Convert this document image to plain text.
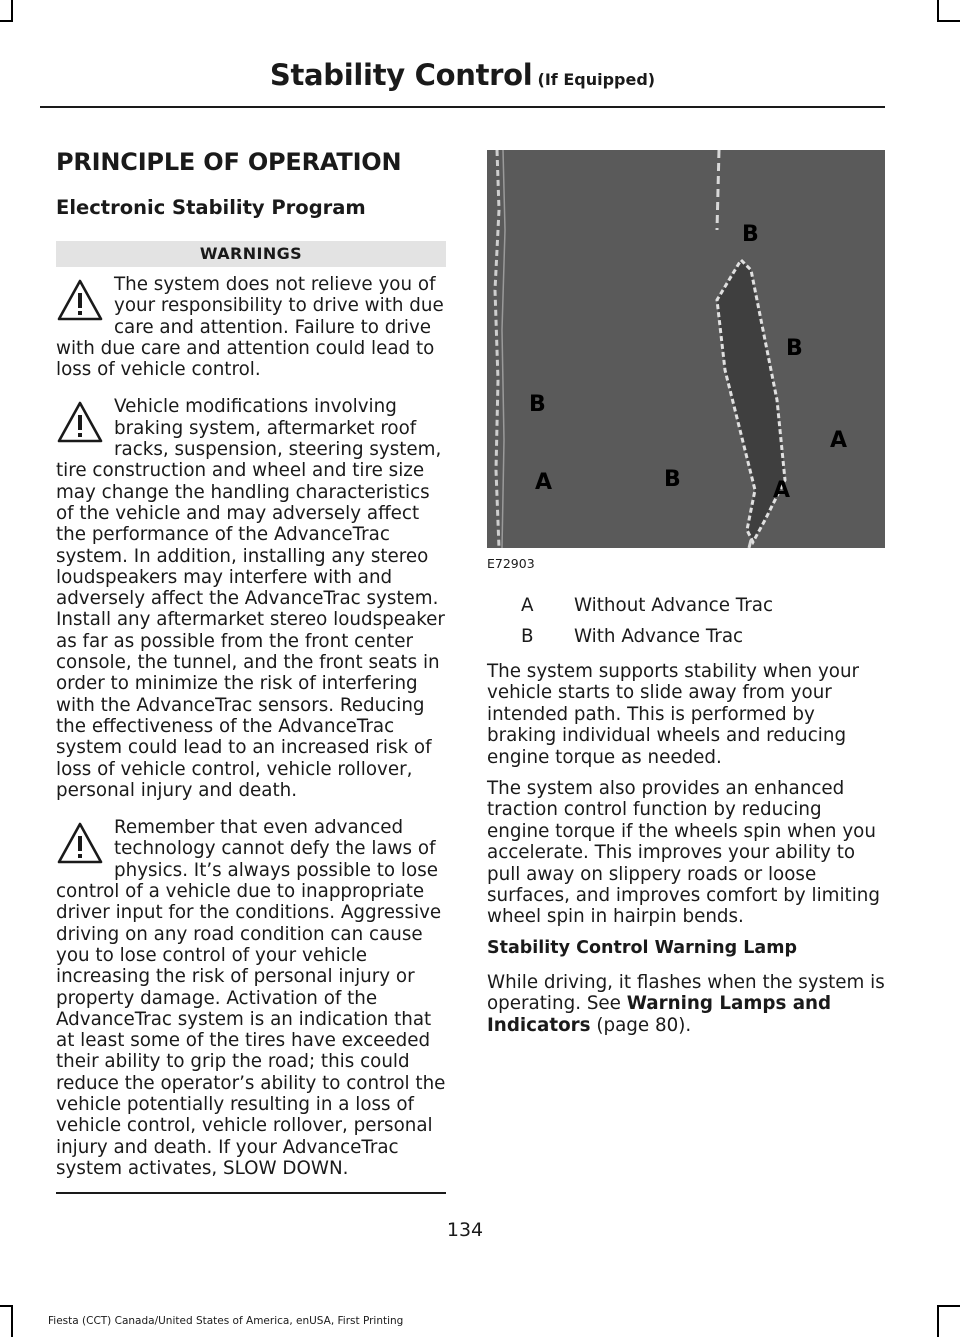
Stability Control (If Equipped)
PRINCIPLE OF OPERATION
Electronic Stability Program
WARNINGS
The system does not relieve you of your responsibility to drive with due care and attention. Failure to drive with due care and attention could lead to loss of vehicle control.
Vehicle modifications involving braking system, aftermarket roof racks, suspension, steering system, tire construction and wheel and tire size may change the handling characteristics of the vehicle and may adversely affect the performance of the AdvanceTrac system. In addition, installing any stereo loudspeakers may interfere with and adversely affect the AdvanceTrac system. Install any aftermarket stereo loudspeaker as far as possible from the front center console, the tunnel, and the front seats in order to minimize the risk of interfering with the AdvanceTrac sensors. Reducing the effectiveness of the AdvanceTrac system could lead to an increased risk of loss of vehicle control, vehicle rollover, personal injury and death.
Remember that even advanced technology cannot defy the laws of physics. It’s always possible to lose control of a vehicle due to inappropriate driver input for the conditions. Aggressive driving on any road condition can cause you to lose control of your vehicle increasing the risk of personal injury or property damage. Activation of the AdvanceTrac system is an indication that at least some of the tires have exceeded their ability to grip the road; this could reduce the operator’s ability to control the vehicle potentially resulting in a loss of vehicle control, vehicle rollover, personal injury and death. If your AdvanceTrac system activates, SLOW DOWN.
B
B
B
A
B
A	A
E72903
A	Without Advance Trac
B	With Advance Trac

The system supports stability when your vehicle starts to slide away from your intended path. This is performed by braking individual wheels and reducing engine torque as needed.

The system also provides an enhanced traction control function by reducing engine torque if the wheels spin when you accelerate. This improves your ability to pull away on slippery roads or loose surfaces, and improves comfort by limiting wheel spin in hairpin bends.

Stability Control Warning Lamp

While driving, it flashes when the system is operating. See Warning Lamps and Indicators (page 80).

134
Fiesta (CCT) Canada/United States of America, enUSA, First Printing
